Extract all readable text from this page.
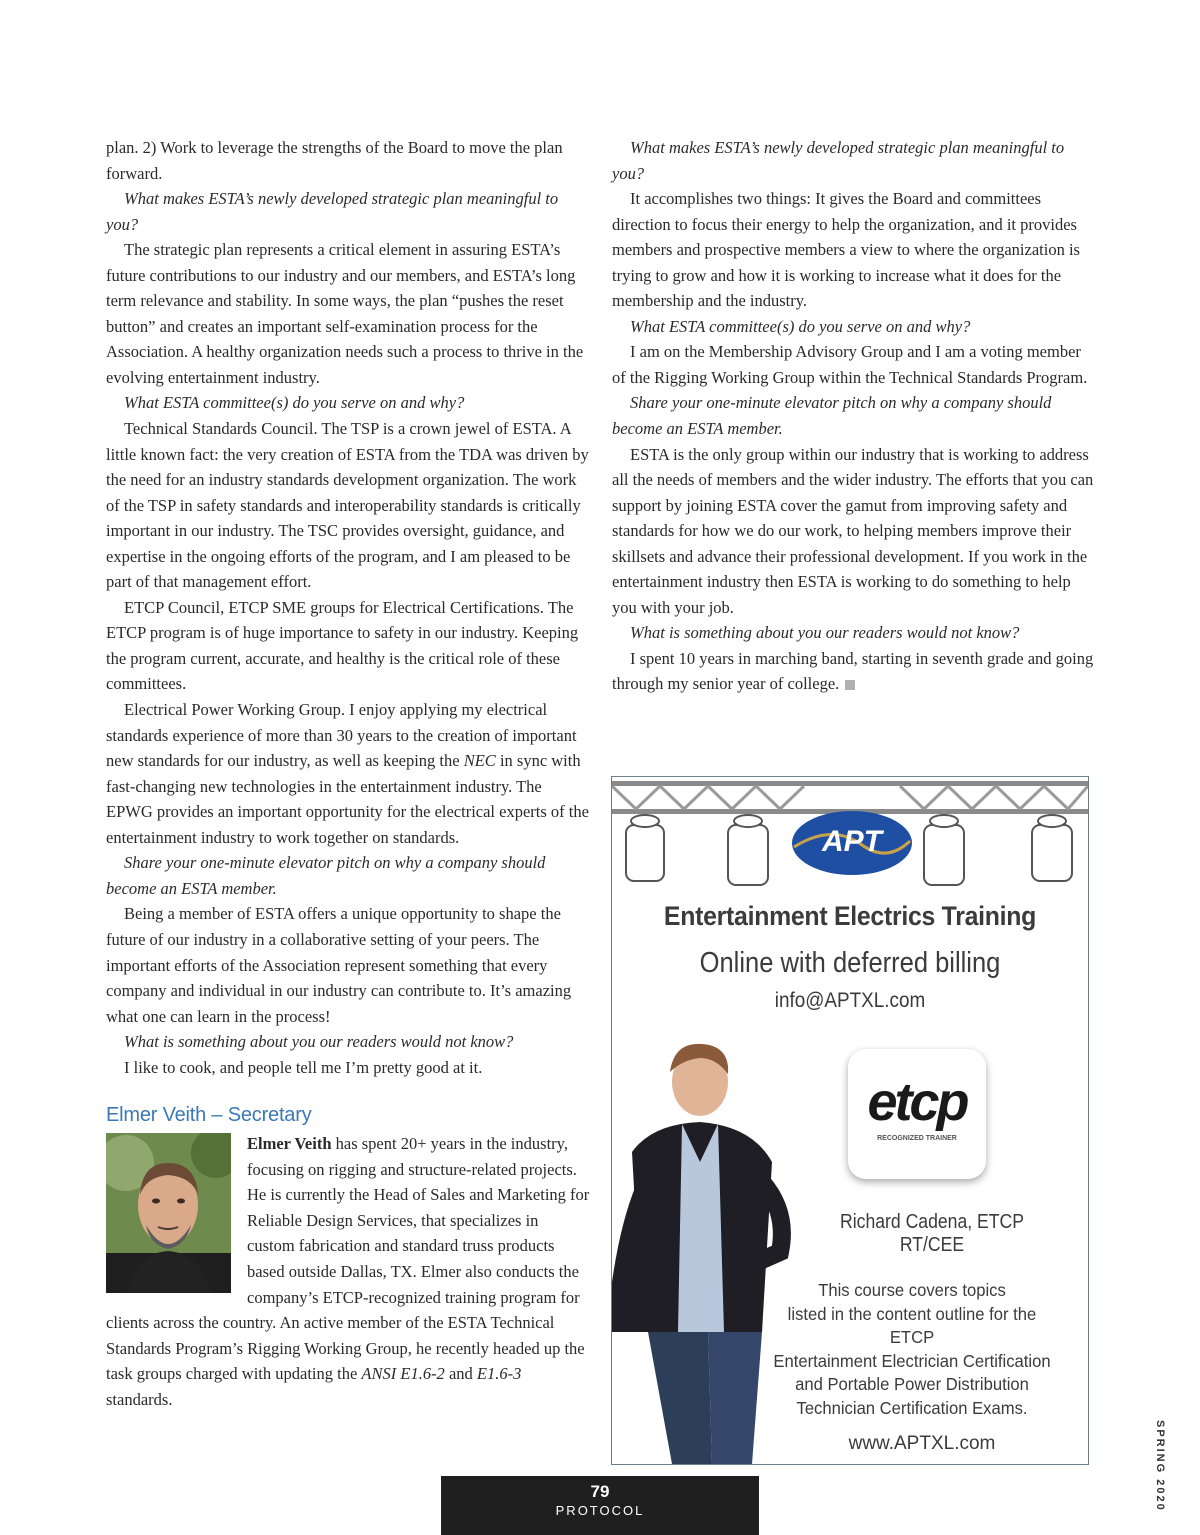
plan. 2) Work to leverage the strengths of the Board to move the plan forward.

What makes ESTA’s newly developed strategic plan meaningful to you?

The strategic plan represents a critical element in assuring ESTA’s future contributions to our industry and our members, and ESTA’s long term relevance and stability. In some ways, the plan “pushes the reset button” and creates an important self-examination process for the Association. A healthy organization needs such a process to thrive in the evolving entertainment industry.

What ESTA committee(s) do you serve on and why?

Technical Standards Council. The TSP is a crown jewel of ESTA. A little known fact: the very creation of ESTA from the TDA was driven by the need for an industry standards development organization. The work of the TSP in safety standards and interoperability standards is critically important in our industry. The TSC provides oversight, guidance, and expertise in the ongoing efforts of the program, and I am pleased to be part of that management effort.

ETCP Council, ETCP SME groups for Electrical Certifications. The ETCP program is of huge importance to safety in our industry. Keeping the program current, accurate, and healthy is the critical role of these committees.

Electrical Power Working Group. I enjoy applying my electrical standards experience of more than 30 years to the creation of important new standards for our industry, as well as keeping the NEC in sync with fast-changing new technologies in the entertainment industry. The EPWG provides an important opportunity for the electrical experts of the entertainment industry to work together on standards.

Share your one-minute elevator pitch on why a company should become an ESTA member.

Being a member of ESTA offers a unique opportunity to shape the future of our industry in a collaborative setting of your peers. The important efforts of the Association represent something that every company and individual in our industry can contribute to. It’s amazing what one can learn in the process!

What is something about you our readers would not know?

I like to cook, and people tell me I’m pretty good at it.

Elmer Veith – Secretary

Elmer Veith has spent 20+ years in the industry, focusing on rigging and structure-related projects. He is currently the Head of Sales and Marketing for Reliable Design Services, that specializes in custom fabrication and standard truss products based outside Dallas, TX. Elmer also conducts the company’s ETCP-recognized training program for clients across the country. An active member of the ESTA Technical Standards Program’s Rigging Working Group, he recently headed up the task groups charged with updating the ANSI E1.6-2 and E1.6-3 standards.

What makes ESTA’s newly developed strategic plan meaningful to you?

It accomplishes two things: It gives the Board and committees direction to focus their energy to help the organization, and it provides members and prospective members a view to where the organization is trying to grow and how it is working to increase what it does for the membership and the industry.

What ESTA committee(s) do you serve on and why?

I am on the Membership Advisory Group and I am a voting member of the Rigging Working Group within the Technical Standards Program.

Share your one-minute elevator pitch on why a company should become an ESTA member.

ESTA is the only group within our industry that is working to address all the needs of members and the wider industry. The efforts that you can support by joining ESTA cover the gamut from improving safety and standards for how we do our work, to helping members improve their skillsets and advance their professional development. If you work in the entertainment industry then ESTA is working to do something to help you with your job.

What is something about you our readers would not know?

I spent 10 years in marching band, starting in seventh grade and going through my senior year of college.

APT
Entertainment Electrics Training
Online with deferred billing
info@APTXL.com
etcp
RECOGNIZED TRAINER
Richard Cadena, ETCP RT/CEE
This course covers topics
listed in the content outline for the
ETCP
Entertainment Electrician Certification
and Portable Power Distribution
Technician Certification Exams.
www.APTXL.com
79
PROTOCOL	SPRING 2020
